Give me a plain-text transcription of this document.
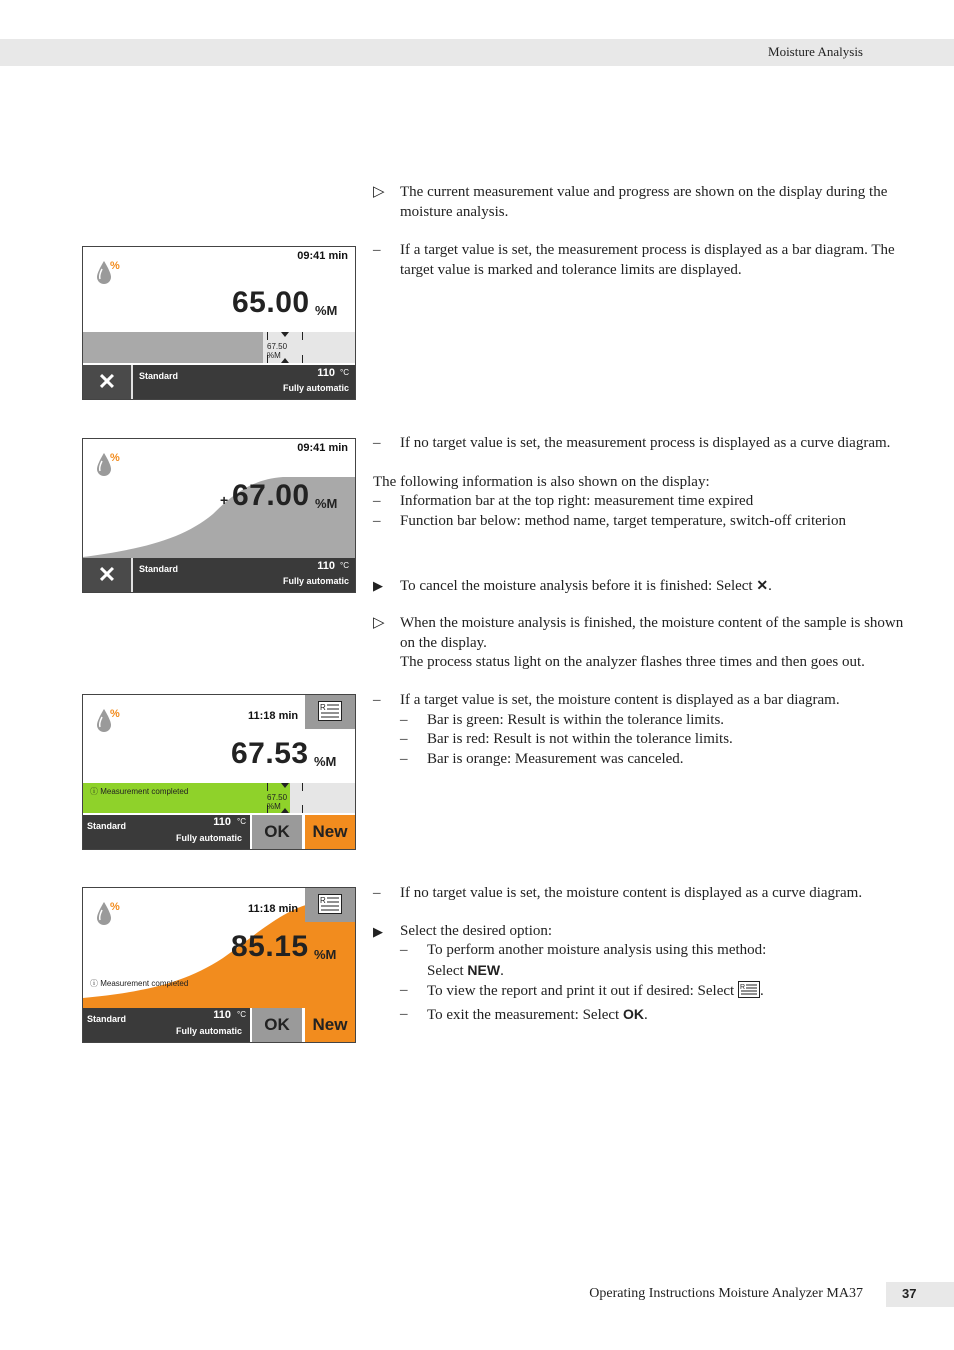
Moisture Analysis
▷ The current measurement value and progress are shown on the display during the moisture analysis.
– If a target value is set, the measurement process is displayed as a bar diagram. The target value is marked and tolerance limits are displayed.
– If no target value is set, the measurement process is displayed as a curve diagram.
The following information is also shown on the display:
– Information bar at the top right: measurement time expired
– Function bar below: method name, target temperature, switch-off criterion
▶ To cancel the moisture analysis before it is finished: Select ✕.
▷ When the moisture analysis is finished, the moisture content of the sample is shown on the display.
The process status light on the analyzer flashes three times and then goes out.
– If a target value is set, the moisture content is displayed as a bar diagram.
– Bar is green: Result is within the tolerance limits.
– Bar is red: Result is not within the tolerance limits.
– Bar is orange: Measurement was canceled.
– If no target value is set, the moisture content is displayed as a curve diagram.
▶ Select the desired option:
– To perform another moisture analysis using this method:
Select NEW.
– To view the report and print it out if desired: Select R .
– To exit the measurement: Select OK.
%
09:41 min
65.00 %M
67.50 %M
✕	Standard	110 °C
Fully automatic
%
09:41 min
+ 67.00 %M
✕	Standard	110 °C
Fully automatic
%	11:18 min
R
67.53 %M
ⓘ Measurement completed
67.50 %M
Standard	110 °C
Fully automatic	OK	New
%	11:18 min
R
85.15 %M
ⓘ Measurement completed
Standard	110 °C
Fully automatic	OK	New
Operating Instructions Moisture Analyzer MA37	37
